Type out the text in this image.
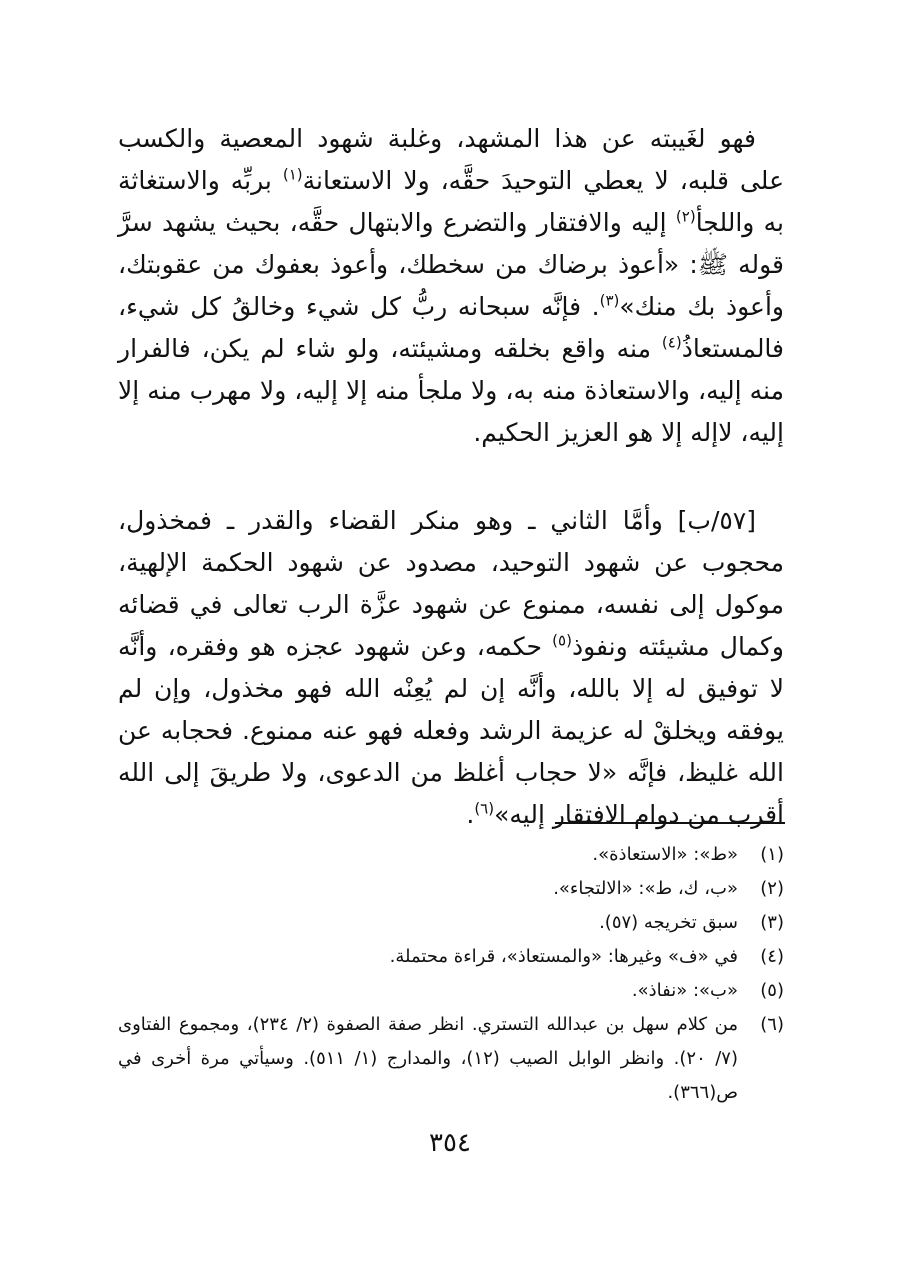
فهو لغَيبته عن هذا المشهد، وغلبة شهود المعصية والكسب على قلبه، لا يعطي التوحيدَ حقَّه، ولا الاستعانة$^{(١)}$ بربِّه والاستغاثة به واللجأ$^{(٢)}$ إليه والافتقار والتضرع والابتهال حقَّه، بحيث يشهد سرَّ قوله ﷺ: «أعوذ برضاك من سخطك، وأعوذ بعفوك من عقوبتك، وأعوذ بك منك»$^{(٣)}$. فإنَّه سبحانه ربُّ كل شيء وخالقُ كل شيء، فالمستعاذُ$^{(٤)}$ منه واقع بخلقه ومشيئته، ولو شاء لم يكن، فالفرار منه إليه، والاستعاذة منه به، ولا ملجأ منه إلا إليه، ولا مهرب منه إلا إليه، لاإله إلا هو العزيز الحكيم.

[٥٧/ب] وأمَّا الثاني ـ وهو منكر القضاء والقدر ـ فمخذول، محجوب عن شهود التوحيد، مصدود عن شهود الحكمة الإلهية، موكول إلى نفسه، ممنوع عن شهود عزَّة الرب تعالى في قضائه وكمال مشيئته ونفوذ$^{(٥)}$ حكمه، وعن شهود عجزه هو وفقره، وأنَّه لا توفيق له إلا بالله، وأنَّه إن لم يُعِنْه الله فهو مخذول، وإن لم يوفقه ويخلقْ له عزيمة الرشد وفعله فهو عنه ممنوع. فحجابه عن الله غليظ، فإنَّه «لا حجاب أغلظ من الدعوى، ولا طريقَ إلى الله أقرب من دوام الافتقار إليه»$^{(٦)}$.

(١)
«ط»: «الاستعاذة».
(٢)
«ب، ك، ط»: «الالتجاء».
(٣)
سبق تخريجه (٥٧).
(٤)
في «ف» وغيرها: «والمستعاذ»، قراءة محتملة.
(٥)
«ب»: «نفاذ».
(٦)
من كلام سهل بن عبدالله التستري. انظر صفة الصفوة (٢/ ٢٣٤)، ومجموع الفتاوى (٧/ ٢٠). وانظر الوابل الصيب (١٢)، والمدارج (١/ ٥١١). وسيأتي مرة أخرى في ص(٣٦٦).
٣٥٤
